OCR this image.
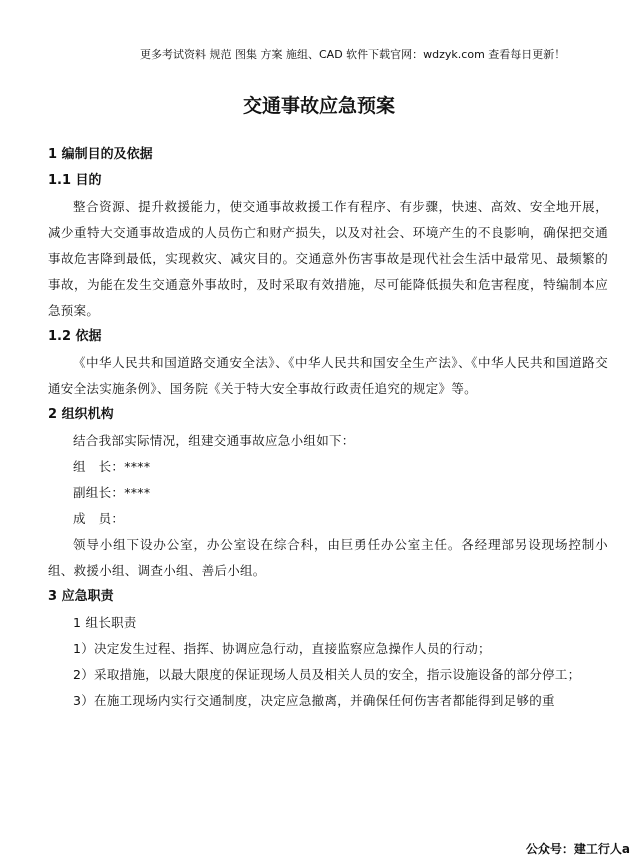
更多考试资料 规范 图集 方案 施组、CAD 软件下载官网：wdzyk.com 查看每日更新！
交通事故应急预案
1 编制目的及依据
1.1 目的
整合资源、提升救援能力，使交通事故救援工作有程序、有步骤，快速、高效、安全地开展，减少重特大交通事故造成的人员伤亡和财产损失，以及对社会、环境产生的不良影响，确保把交通事故危害降到最低，实现救灾、减灾目的。交通意外伤害事故是现代社会生活中最常见、最频繁的事故，为能在发生交通意外事故时，及时采取有效措施，尽可能降低损失和危害程度，特编制本应急预案。
1.2 依据
《中华人民共和国道路交通安全法》、《中华人民共和国安全生产法》、《中华人民共和国道路交通安全法实施条例》、国务院《关于特大安全事故行政责任追究的规定》等。
2 组织机构
结合我部实际情况，组建交通事故应急小组如下：
组　长：****
副组长：****
成　员：
领导小组下设办公室，办公室设在综合科，由巨勇任办公室主任。各经理部另设现场控制小组、救援小组、调查小组、善后小组。
3 应急职责
1 组长职责
1）决定发生过程、指挥、协调应急行动，直接监察应急操作人员的行动；
2）采取措施，以最大限度的保证现场人员及相关人员的安全，指示设施设备的部分停工；
3）在施工现场内实行交通制度，决定应急撤离，并确保任何伤害者都能得到足够的重
公众号：建工行人a
